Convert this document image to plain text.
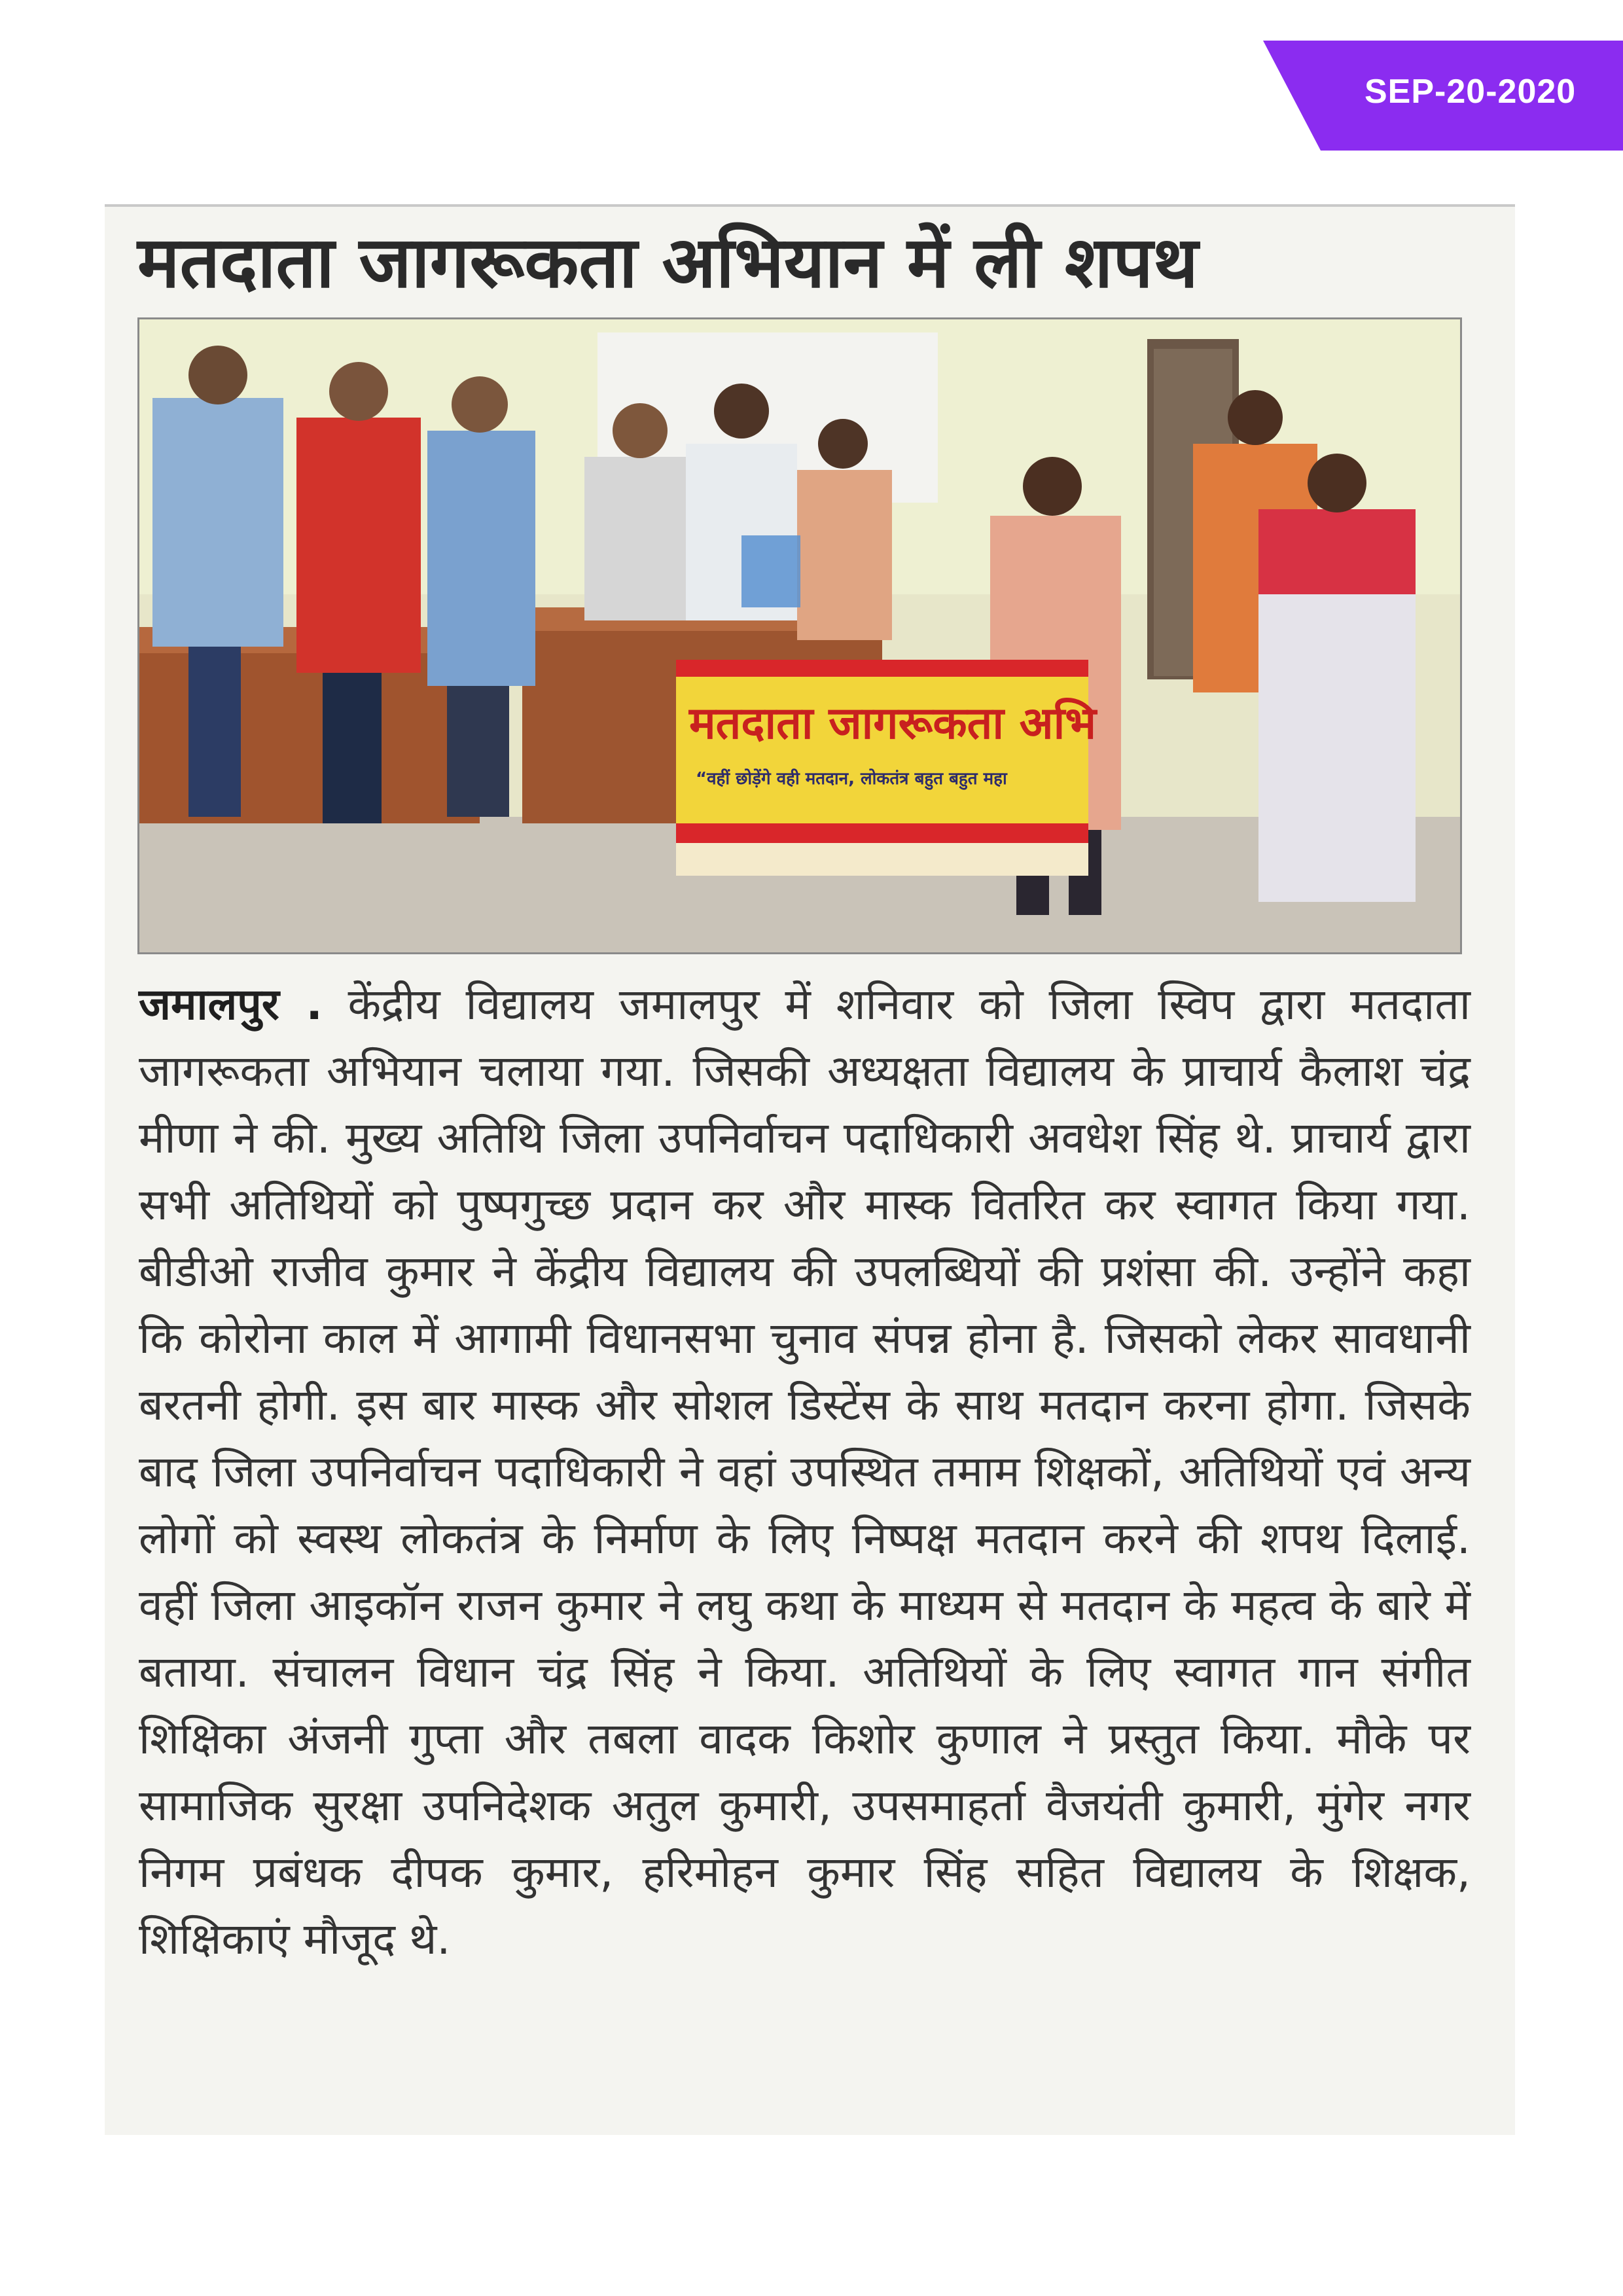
SEP-20-2020
मतदाता जागरूकता अभियान में ली शपथ
मतदाता जागरूकता अभि
“वहीं छोड़ेंगे वही मतदान, लोकतंत्र बहुत बहुत महा
जमालपुर . केंद्रीय विद्यालय जमालपुर में शनिवार को जिला स्विप द्वारा मतदाता जागरूकता अभियान चलाया गया. जिसकी अध्यक्षता विद्यालय के प्राचार्य कैलाश चंद्र मीणा ने की. मुख्य अतिथि जिला उपनिर्वाचन पदाधिकारी अवधेश सिंह थे. प्राचार्य द्वारा सभी अतिथियों को पुष्पगुच्छ प्रदान कर और मास्क वितरित कर स्वागत किया गया. बीडीओ राजीव कुमार ने केंद्रीय विद्यालय की उपलब्धियों की प्रशंसा की. उन्होंने कहा कि कोरोना काल में आगामी विधानसभा चुनाव संपन्न होना है. जिसको लेकर सावधानी बरतनी होगी. इस बार मास्क और सोशल डिस्टेंस के साथ मतदान करना होगा. जिसके बाद जिला उपनिर्वाचन पदाधिकारी ने वहां उपस्थित तमाम शिक्षकों, अतिथियों एवं अन्य लोगों को स्वस्थ लोकतंत्र के निर्माण के लिए निष्पक्ष मतदान करने की शपथ दिलाई. वहीं जिला आइकॉन राजन कुमार ने लघु कथा के माध्यम से मतदान के महत्व के बारे में बताया. संचालन विधान चंद्र सिंह ने किया. अतिथियों के लिए स्वागत गान संगीत शिक्षिका अंजनी गुप्ता और तबला वादक किशोर कुणाल ने प्रस्तुत किया. मौके पर सामाजिक सुरक्षा उपनिदेशक अतुल कुमारी, उपसमाहर्ता वैजयंती कुमारी, मुंगेर नगर निगम प्रबंधक दीपक कुमार, हरिमोहन कुमार सिंह सहित विद्यालय के शिक्षक, शिक्षिकाएं मौजूद थे.
